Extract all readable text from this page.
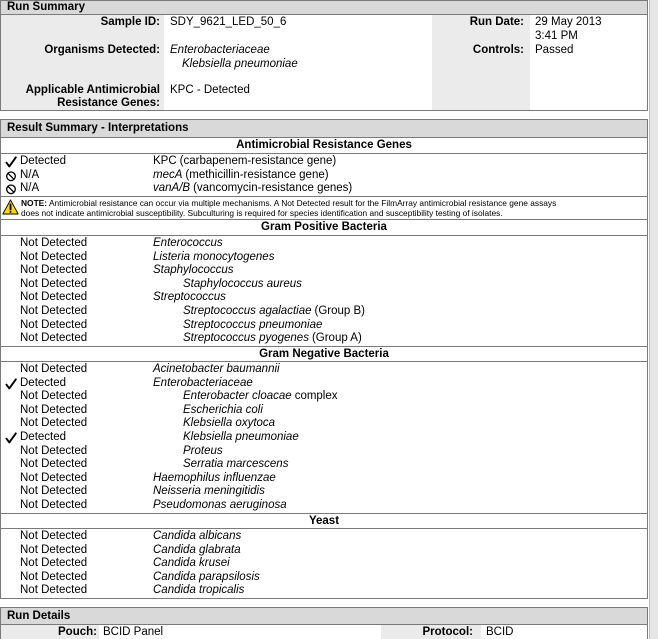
Run Summary
Sample ID: SDY_9621_LED_50_6	Run Date: 29 May 2013
3:41 PM
Organisms Detected: Enterobacteriaceae
Klebsiella pneumoniae
Controls: Passed
Applicable Antimicrobial
Resistance Genes:
KPC - Detected
Result Summary - Interpretations
Antimicrobial Resistance Genes
Detected	KPC (carbapenem-resistance gene)
N/A	mecA (methicillin-resistance gene)
N/A	vanA/B (vancomycin-resistance genes)
NOTE: Antimicrobial resistance can occur via multiple mechanisms. A Not Detected result for the FilmArray antimicrobial resistance gene assays
does not indicate antimicrobial susceptibility. Subculturing is required for species identification and susceptibility testing of isolates.
Gram Positive Bacteria
Not Detected	Enterococcus
Not Detected	Listeria monocytogenes
Not Detected	Staphylococcus
Not Detected	Staphylococcus aureus
Not Detected	Streptococcus
Not Detected	Streptococcus agalactiae (Group B)
Not Detected	Streptococcus pneumoniae
Not Detected	Streptococcus pyogenes (Group A)
Gram Negative Bacteria
Not Detected	Acinetobacter baumannii
Detected	Enterobacteriaceae
Not Detected	Enterobacter cloacae complex
Not Detected	Escherichia coli
Not Detected	Klebsiella oxytoca
Detected	Klebsiella pneumoniae
Not Detected	Proteus
Not Detected	Serratia marcescens
Not Detected	Haemophilus influenzae
Not Detected	Neisseria meningitidis
Not Detected	Pseudomonas aeruginosa
Yeast
Not Detected	Candida albicans
Not Detected	Candida glabrata
Not Detected	Candida krusei
Not Detected	Candida parapsilosis
Not Detected	Candida tropicalis
Run Details
Pouch: BCID Panel	Protocol: BCID
